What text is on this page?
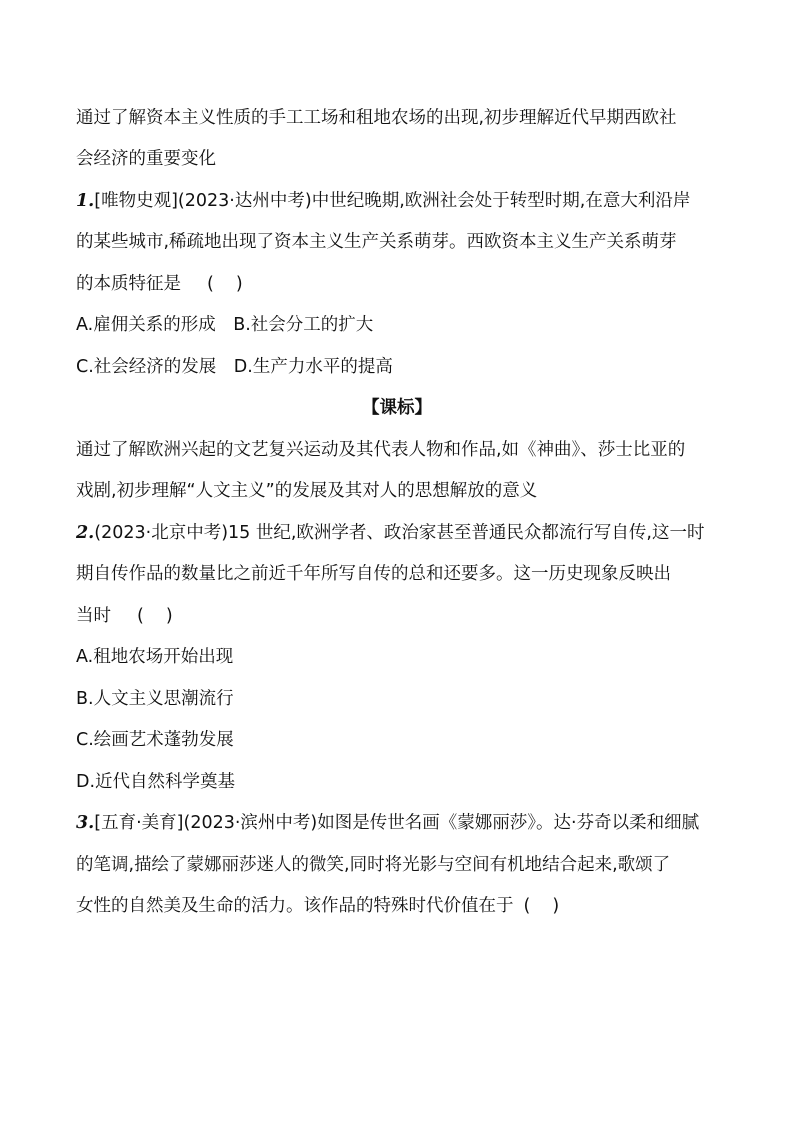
通过了解资本主义性质的手工工场和租地农场的出现,初步理解近代早期西欧社
会经济的重要变化
1.[唯物史观](2023·达州中考)中世纪晚期,欧洲社会处于转型时期,在意大利沿岸
的某些城市,稀疏地出现了资本主义生产关系萌芽。西欧资本主义生产关系萌芽
的本质特征是 ( )
A.雇佣关系的形成　B.社会分工的扩大
C.社会经济的发展　D.生产力水平的提高
【课标】
通过了解欧洲兴起的文艺复兴运动及其代表人物和作品,如《神曲》、莎士比亚的
戏剧,初步理解“人文主义”的发展及其对人的思想解放的意义
2.(2023·北京中考)15 世纪,欧洲学者、政治家甚至普通民众都流行写自传,这一时
期自传作品的数量比之前近千年所写自传的总和还要多。这一历史现象反映出
当时 ( )
A.租地农场开始出现
B.人文主义思潮流行
C.绘画艺术蓬勃发展
D.近代自然科学奠基
3.[五育·美育](2023·滨州中考)如图是传世名画《蒙娜丽莎》。达·芬奇以柔和细腻
的笔调,描绘了蒙娜丽莎迷人的微笑,同时将光影与空间有机地结合起来,歌颂了
女性的自然美及生命的活力。该作品的特殊时代价值在于 ( )
